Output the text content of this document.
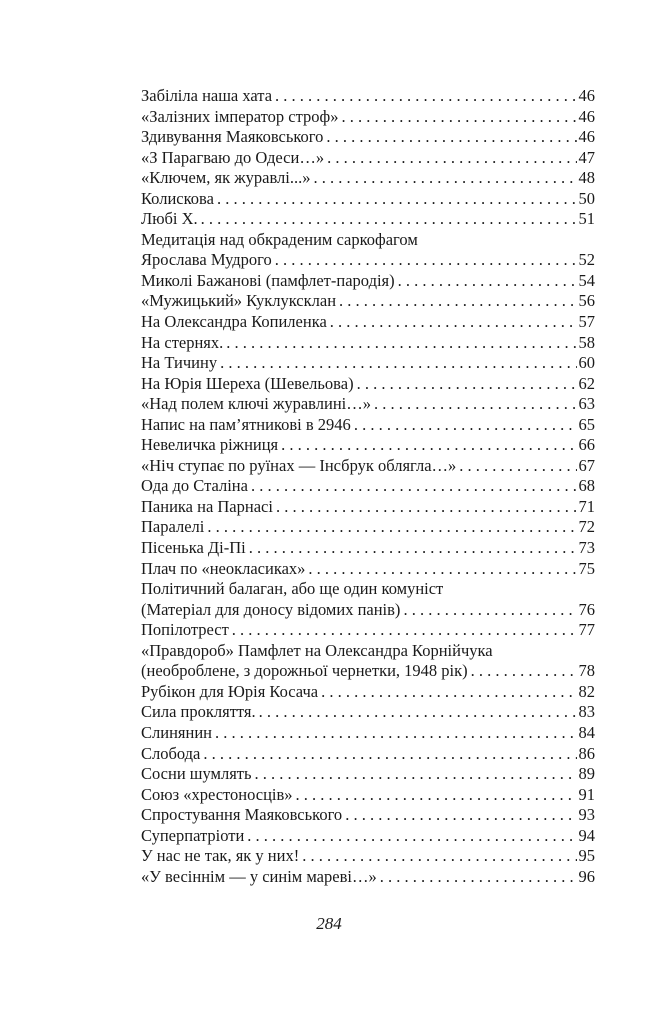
Забіліла наша хата . . .	46
«Залізних імператор строф» . . .	46
Здивування Маяковського . . .	46
«З Парагваю до Одеси…» . . .	47
«Ключем, як журавлі...» . . .	48
Колискова . . .	50
Любі Х. . . .	51
Медитація над обкраденим саркофагом
Ярослава Мудрого . . .	52
Миколі Бажанові (памфлет-пародія) . . .	54
«Мужицький» Куклуксклан . . .	56
На Олександра Копиленка . . .	57
На стернях. . . .	58
На Тичину . . .	60
На Юрія Шереха (Шевельова) . . .	62
«Над полем ключі журавлині…» . . .	63
Напис на пам’ятникові в 2946 . . .	65
Невеличка ріжниця . . .	66
«Ніч ступає по руїнах — Інсбрук облягла…» . . .	67
Ода до Сталіна . . .	68
Паника на Парнасі . . .	71
Паралелі . . .	72
Пісенька Ді-Пі . . .	73
Плач по «неокласиках» . . .	75
Політичний балаган, або ще один комуніст
(Матеріал для доносу відомих панів) . . .	76
Попілотрест . . .	77
«Правдороб» Памфлет на Олександра Корнійчука
(необроблене, з дорожньої чернетки, 1948 рік) . . .	78
Рубікон для Юрія Косача . . .	82
Сила прокляття. . . .	83
Слинянин . . .	84
Слобода . . .	86
Сосни шумлять . . .	89
Союз «хрестоносців» . . .	91
Спростування Маяковського . . .	93
Суперпатріоти . . .	94
У нас не так, як у них! . . .	95
«У весіннім — у синім мареві…» . . .	96
284
